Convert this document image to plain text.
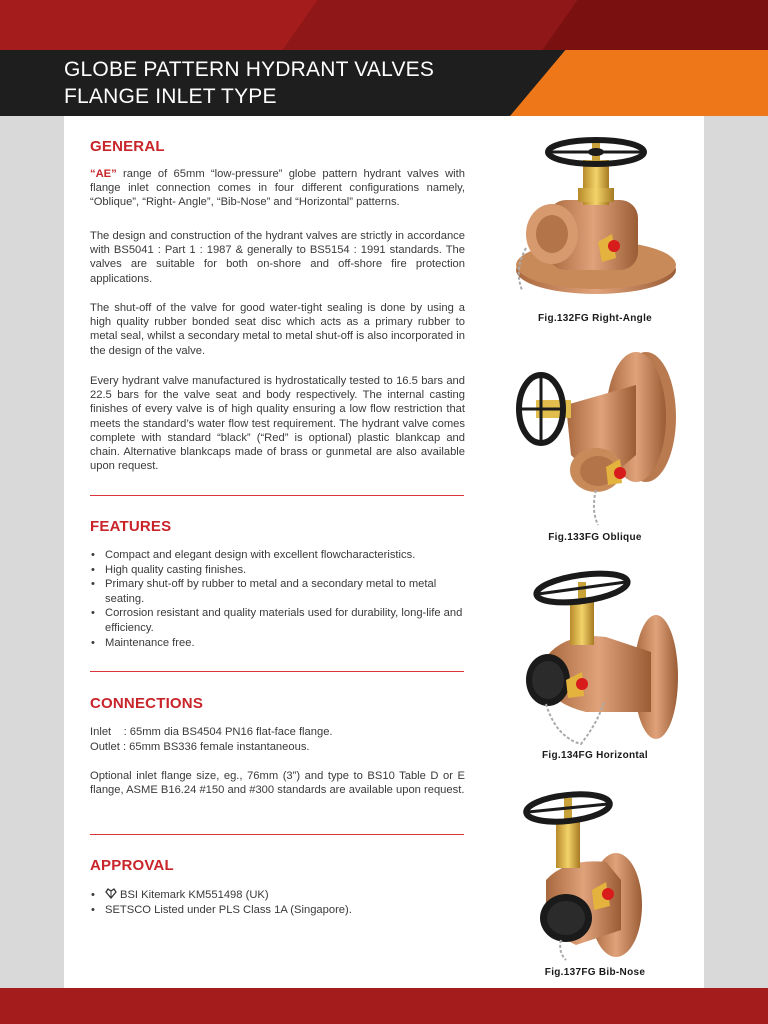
GLOBE PATTERN HYDRANT VALVES
FLANGE INLET TYPE
GENERAL
“AE” range of 65mm “low-pressure” globe pattern hydrant valves with flange inlet connection comes in four different configurations namely, “Oblique”, “Right- Angle”, “Bib-Nose” and “Horizontal” patterns.
The design and construction of the hydrant valves are strictly in accordance with BS5041 : Part 1 : 1987 & generally to BS5154 : 1991 standards. The valves are suitable for both on-shore and off-shore fire protection applications.
The shut-off of the valve for good water-tight sealing is done by using a high quality rubber bonded seat disc which acts as a primary rubber to metal seal, whilst a secondary metal to metal shut-off is also incorporated in the design of the valve.
Every hydrant valve manufactured is hydrostatically tested to 16.5 bars and 22.5 bars for the valve seat and body respectively. The internal casting finishes of every valve is of high quality ensuring a low flow restriction that meets the standard’s water flow test requirement. The hydrant valve comes complete with standard “black” (“Red” is optional) plastic blankcap and chain. Alternative blankcaps made of brass or gunmetal are also available upon request.
FEATURES
• Compact and elegant design with excellent flowcharacteristics.
• High quality casting finishes.
• Primary shut-off by rubber to metal and a secondary metal to metal seating.
• Corrosion resistant and quality materials used for durability, long-life and efficiency.
• Maintenance free.
CONNECTIONS
Inlet    : 65mm dia BS4504 PN16 flat-face flange.
Outlet : 65mm BS336 female instantaneous.
Optional inlet flange size, eg., 76mm (3”) and type to BS10 Table D or E flange, ASME B16.24 #150 and #300 standards are available upon request.
APPROVAL
• BSI Kitemark KM551498 (UK)
• SETSCO Listed under PLS Class 1A (Singapore).
Fig.132FG Right-Angle
Fig.133FG Oblique
Fig.134FG Horizontal
Fig.137FG Bib-Nose
